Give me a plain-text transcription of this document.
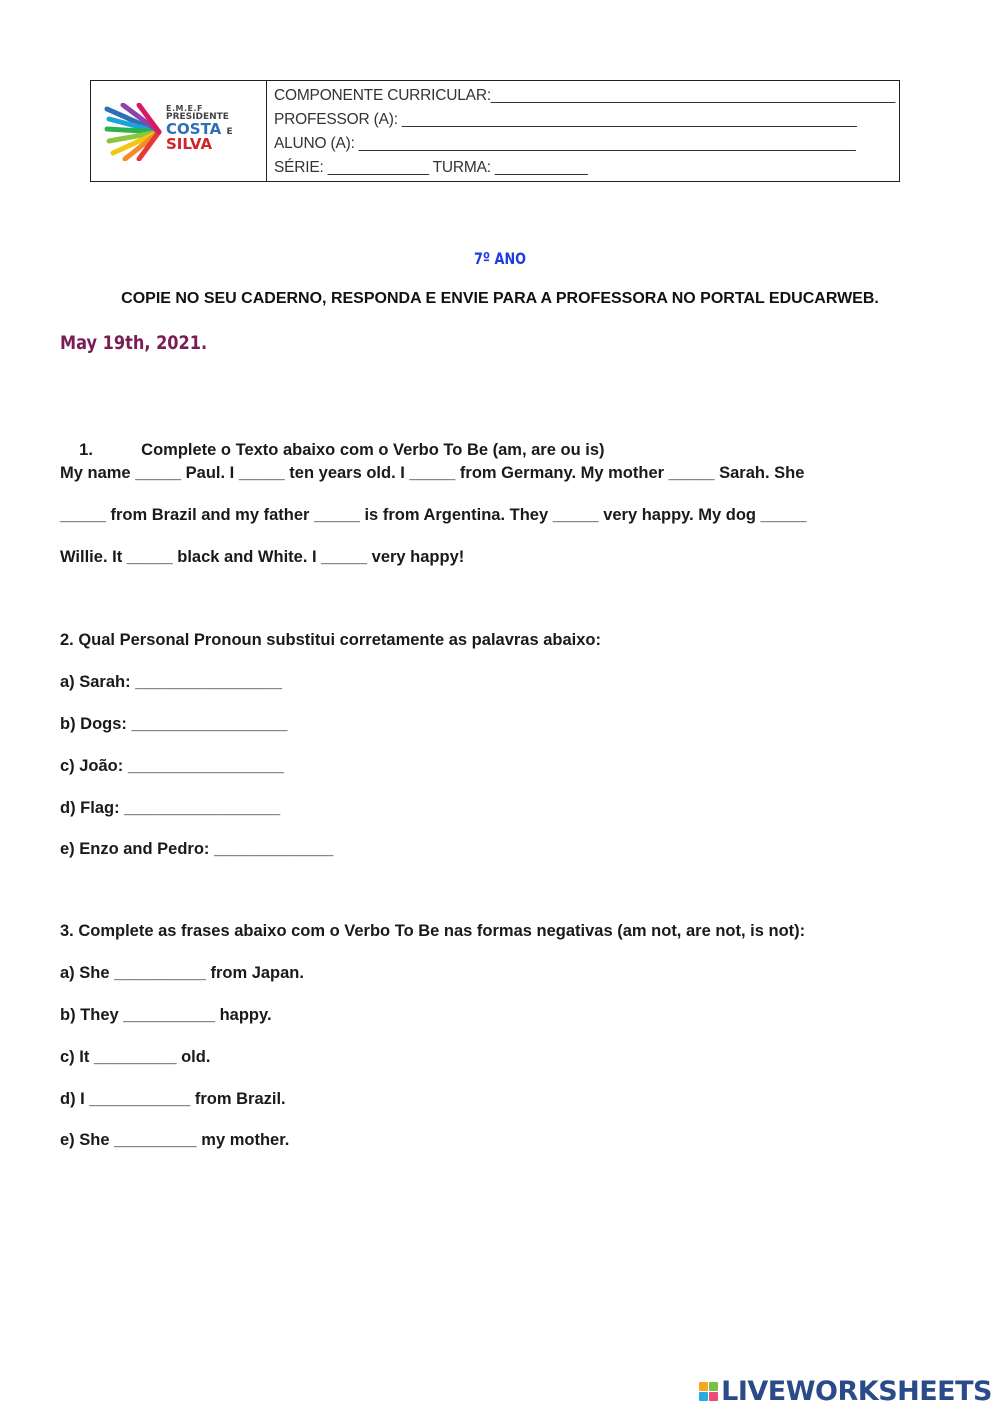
E.M.E.F
PRESIDENTE
COSTA E
SILVA
COMPONENTE CURRICULAR:________________________________________________
PROFESSOR (A): ______________________________________________________
ALUNO (A): ___________________________________________________________
SÉRIE: ____________ TURMA: ___________
7º ANO
COPIE NO SEU CADERNO, RESPONDA E ENVIE PARA A PROFESSORA NO PORTAL EDUCARWEB.
May 19th, 2021.

1.	Complete o Texto abaixo com o Verbo To Be (am, are ou is)

My name _____ Paul. I _____ ten years old. I _____ from Germany. My mother _____ Sarah. She
_____ from Brazil and my father _____ is from Argentina. They _____ very happy. My dog _____
Willie. It _____ black and White. I _____ very happy!
2. Qual Personal Pronoun substitui corretamente as palavras abaixo:
a) Sarah: ________________
b) Dogs: _________________
c) João: _________________
d) Flag: _________________
e) Enzo and Pedro: _____________
3. Complete as frases abaixo com o Verbo To Be nas formas negativas (am not, are not, is not):
a) She __________ from Japan.
b) They __________ happy.
c) It _________ old.
d) I ___________ from Brazil.
e) She _________ my mother.
LIVEWORKSHEETS
